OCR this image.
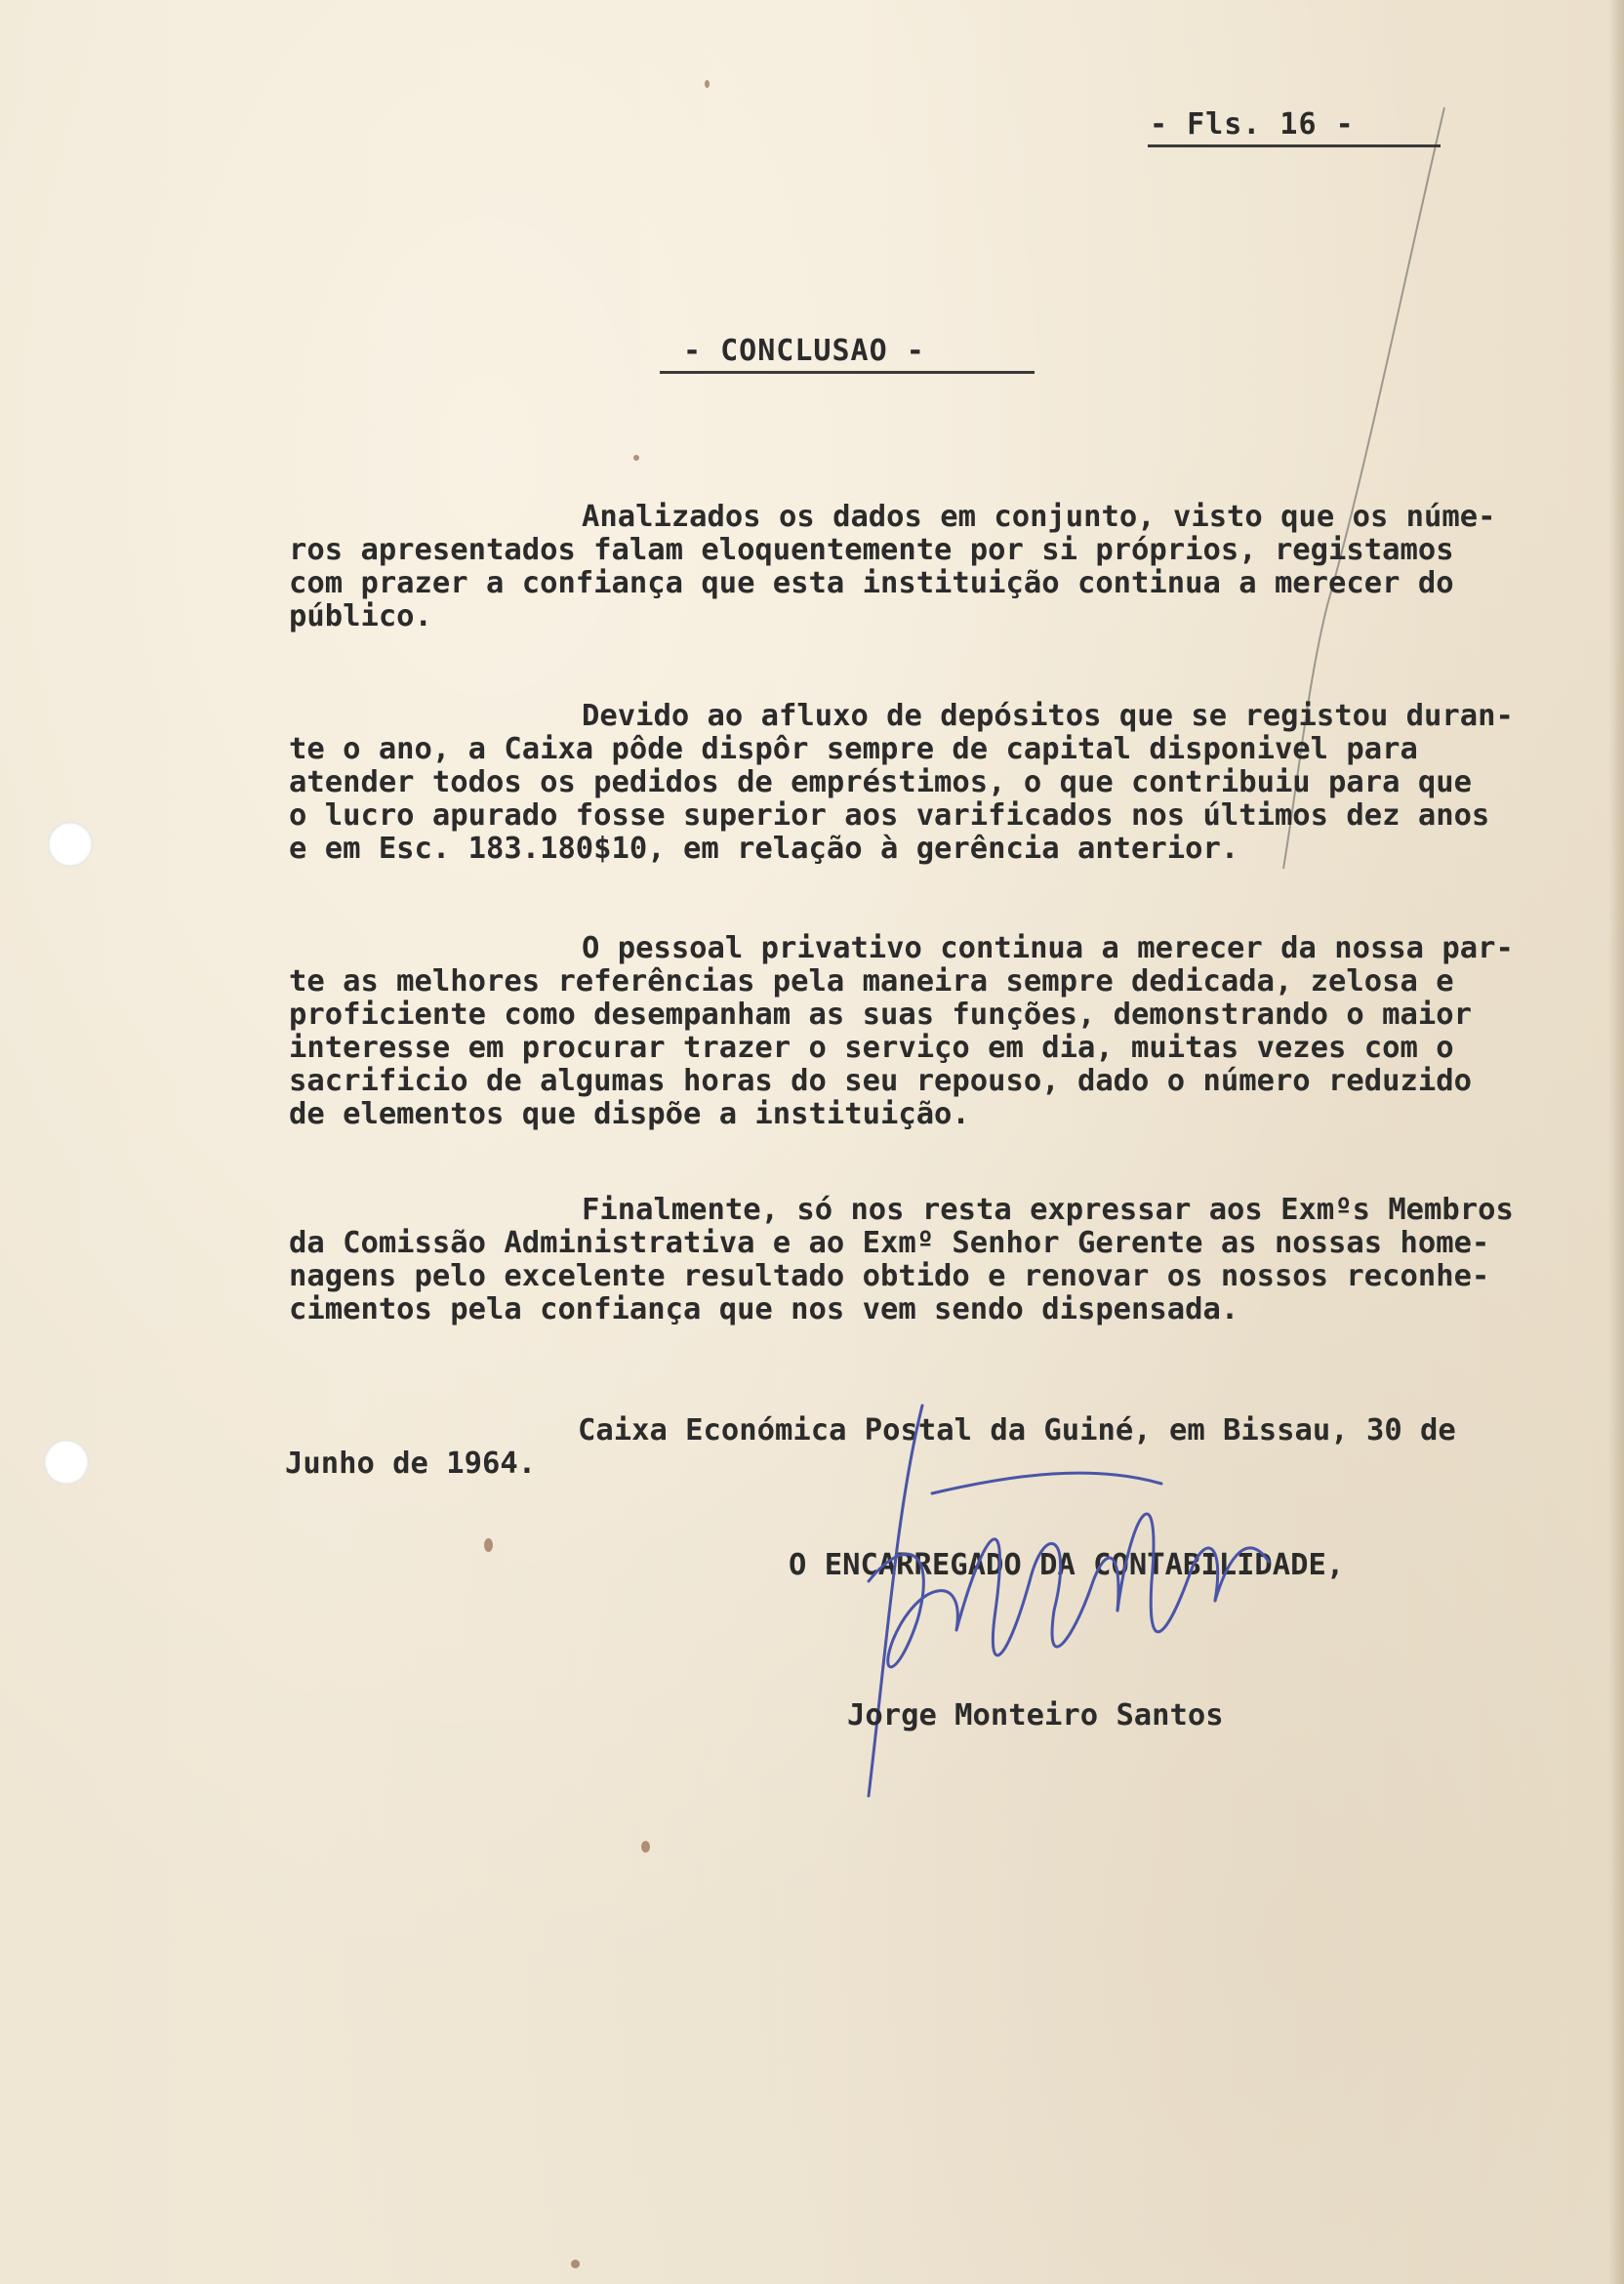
- Fls. 16 -
- CONCLUSAO -
Analizados os dados em conjunto, visto que os núme-
ros apresentados falam eloquentemente por si próprios, registamos
com prazer a confiança que esta instituição continua a merecer do
público.
Devido ao afluxo de depósitos que se registou duran-
te o ano, a Caixa pôde dispôr sempre de capital disponivel para
atender todos os pedidos de empréstimos, o que contribuiu para que
o lucro apurado fosse superior aos varificados nos últimos dez anos
e em Esc. 183.180$10, em relação à gerência anterior.
O pessoal privativo continua a merecer da nossa par-
te as melhores referências pela maneira sempre dedicada, zelosa e
proficiente como desempanham as suas funções, demonstrando o maior
interesse em procurar trazer o serviço em dia, muitas vezes com o
sacrificio de algumas horas do seu repouso, dado o número reduzido
de elementos que dispõe a instituição.
Finalmente, só nos resta expressar aos Exmºs Membros
da Comissão Administrativa e ao Exmº Senhor Gerente as nossas home-
nagens pelo excelente resultado obtido e renovar os nossos reconhe-
cimentos pela confiança que nos vem sendo dispensada.
Caixa Económica Postal da Guiné, em Bissau, 30 de
Junho de 1964.
O ENCARREGADO DA CONTABILIDADE,
Jorge Monteiro Santos
